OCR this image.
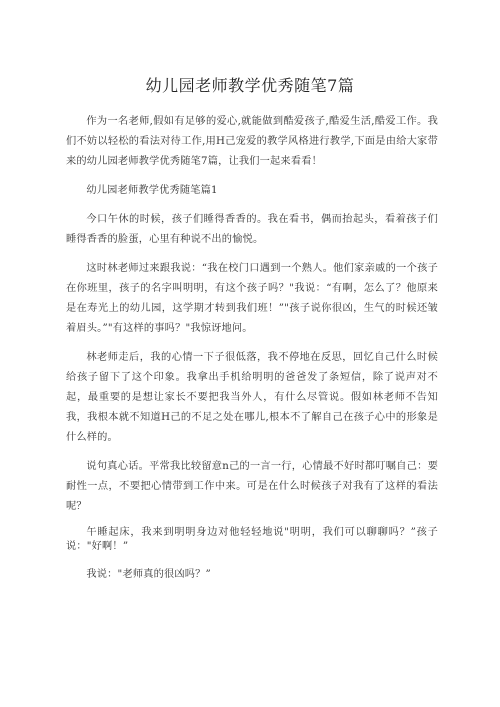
幼儿园老师教学优秀随笔7篇

作为一名老师,假如有足够的爱心,就能做到酷爱孩子,酷爱生活,酷爱工作。我们不妨以轻松的看法对待工作,用H己宠爱的教学风格进行教学,下面是由给大家带来的幼儿园老师教学优秀随笔7篇，让我们一起来看看！

幼儿园老师教学优秀随笔篇1

今口午休的时候，孩子们睡得香香的。我在看书，偶而抬起头，看着孩子们睡得香香的脸蛋，心里有种说不出的愉悦。

这时林老师过来跟我说：“我在校门口遇到一个熟人。他们家亲戚的一个孩子在你班里，孩子的名字叫明明，有这个孩子吗？"我说：“有啊，怎么了？他原来是在寿光上的幼儿园，这学期才转到我们班！”"孩子说你很凶，生气的时候还皱着眉头。”"有这样的事吗？"我惊讶地问。

林老师走后，我的心情一下子很低落，我不停地在反思，回忆自己什么时候给孩子留下了这个印象。我拿出手机给明明的爸爸发了条短信，除了说声对不起，最重要的是想让家长不要把我当外人，有什么尽管说。假如林老师不告知我，我根本就不知道H己的不足之处在哪儿,根本不了解自己在孩子心中的形象是什么样的。

说句真心话。平常我比较留意n己的一言一行，心情最不好时都叮嘱自己：要耐性一点，不要把心情带到工作中来。可是在什么时候孩子对我有了这样的看法呢？

午睡起床，我来到明明身边对他轻轻地说"明明，我们可以聊聊吗？”孩子说："好啊！”

我说："老师真的很凶吗？”
